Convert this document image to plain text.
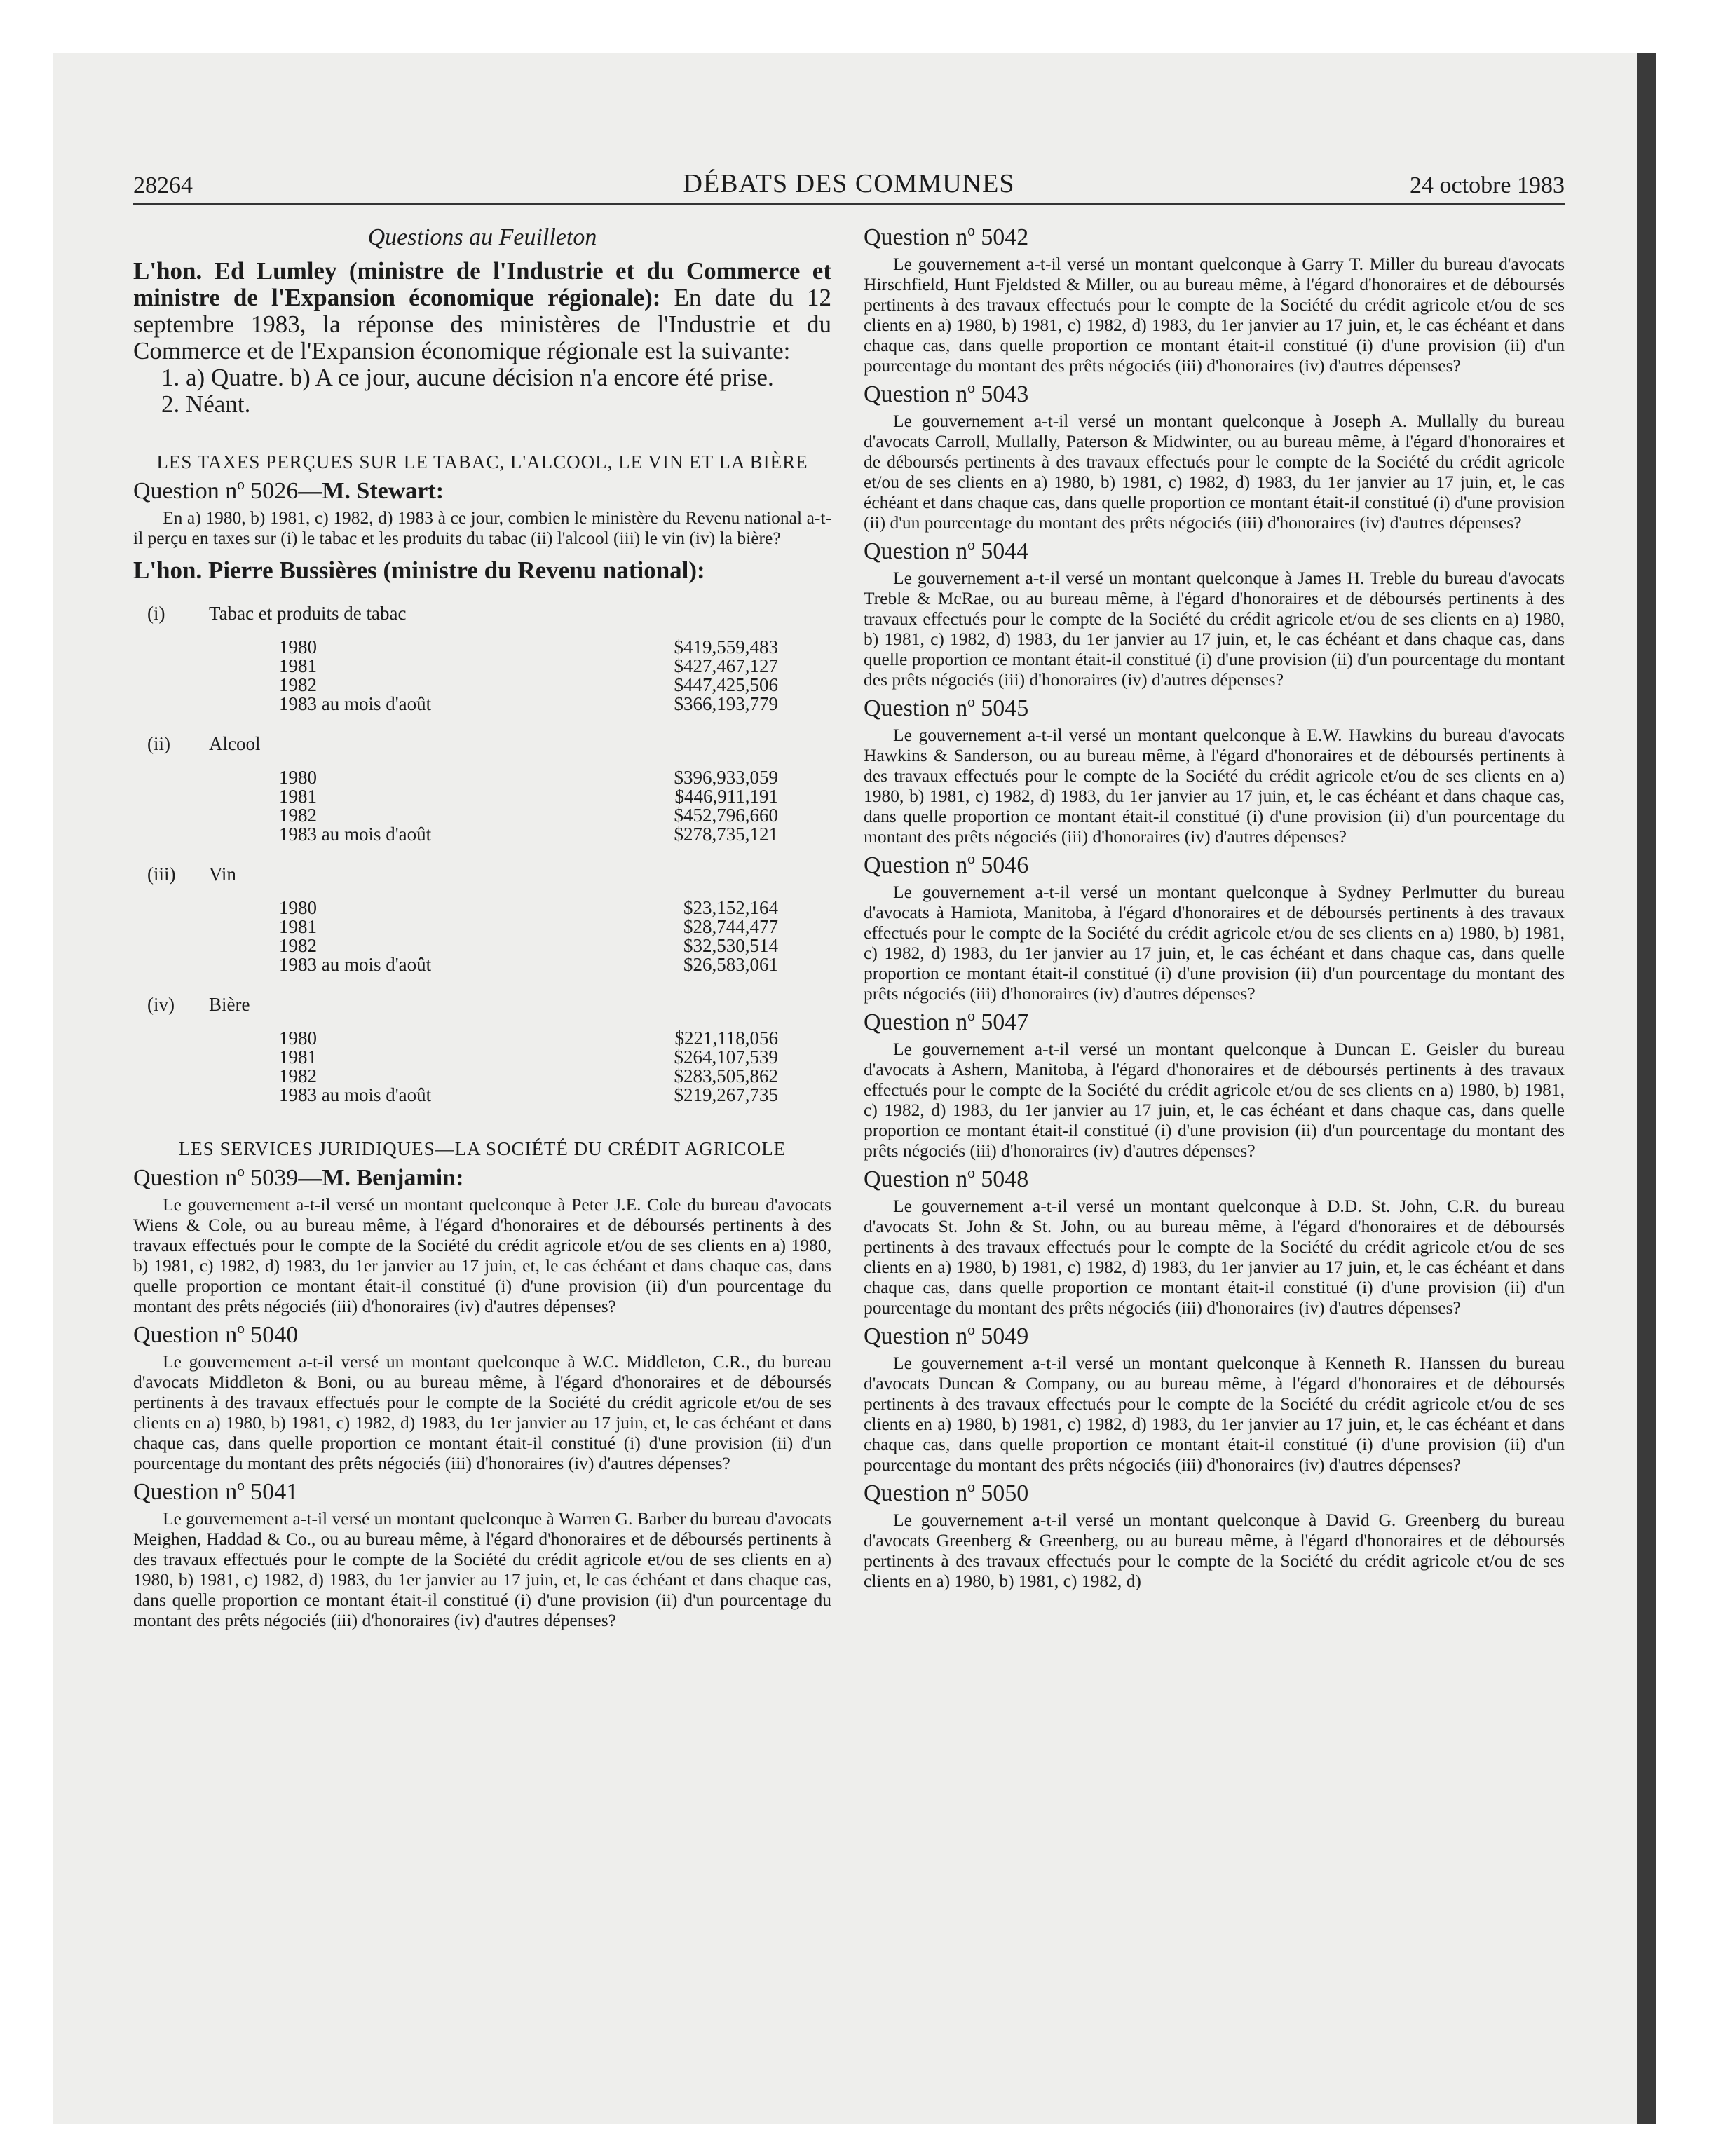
28264	DÉBATS DES COMMUNES	24 octobre 1983

Questions au Feuilleton

L'hon. Ed Lumley (ministre de l'Industrie et du Commerce et ministre de l'Expansion économique régionale): En date du 12 septembre 1983, la réponse des ministères de l'Industrie et du Commerce et de l'Expansion économique régionale est la suivante:

1. a) Quatre. b) A ce jour, aucune décision n'a encore été prise.

2. Néant.

LES TAXES PERÇUES SUR LE TABAC, L'ALCOOL, LE VIN ET LA BIÈRE

Question nº 5026—M. Stewart:

En a) 1980, b) 1981, c) 1982, d) 1983 à ce jour, combien le ministère du Revenu national a-t-il perçu en taxes sur (i) le tabac et les produits du tabac (ii) l'alcool (iii) le vin (iv) la bière?

L'hon. Pierre Bussières (ministre du Revenu national):

(i)	Tabac et produits de tabac
1980	$419,559,483
1981	$427,467,127
1982	$447,425,506
1983 au mois d'août	$366,193,779
(ii)	Alcool
1980	$396,933,059
1981	$446,911,191
1982	$452,796,660
1983 au mois d'août	$278,735,121
(iii)	Vin
1980	$23,152,164
1981	$28,744,477
1982	$32,530,514
1983 au mois d'août	$26,583,061
(iv)	Bière
1980	$221,118,056
1981	$264,107,539
1982	$283,505,862
1983 au mois d'août	$219,267,735

LES SERVICES JURIDIQUES—LA SOCIÉTÉ DU CRÉDIT AGRICOLE

Question nº 5039—M. Benjamin:

Le gouvernement a-t-il versé un montant quelconque à Peter J.E. Cole du bureau d'avocats Wiens & Cole, ou au bureau même, à l'égard d'honoraires et de déboursés pertinents à des travaux effectués pour le compte de la Société du crédit agricole et/ou de ses clients en a) 1980, b) 1981, c) 1982, d) 1983, du 1er janvier au 17 juin, et, le cas échéant et dans chaque cas, dans quelle proportion ce montant était-il constitué (i) d'une provision (ii) d'un pourcentage du montant des prêts négociés (iii) d'honoraires (iv) d'autres dépenses?

Question nº 5040

Le gouvernement a-t-il versé un montant quelconque à W.C. Middleton, C.R., du bureau d'avocats Middleton & Boni, ou au bureau même, à l'égard d'honoraires et de déboursés pertinents à des travaux effectués pour le compte de la Société du crédit agricole et/ou de ses clients en a) 1980, b) 1981, c) 1982, d) 1983, du 1er janvier au 17 juin, et, le cas échéant et dans chaque cas, dans quelle proportion ce montant était-il constitué (i) d'une provision (ii) d'un pourcentage du montant des prêts négociés (iii) d'honoraires (iv) d'autres dépenses?

Question nº 5041

Le gouvernement a-t-il versé un montant quelconque à Warren G. Barber du bureau d'avocats Meighen, Haddad & Co., ou au bureau même, à l'égard d'honoraires et de déboursés pertinents à des travaux effectués pour le compte de la Société du crédit agricole et/ou de ses clients en a) 1980, b) 1981, c) 1982, d) 1983, du 1er janvier au 17 juin, et, le cas échéant et dans chaque cas, dans quelle proportion ce montant était-il constitué (i) d'une provision (ii) d'un pourcentage du montant des prêts négociés (iii) d'honoraires (iv) d'autres dépenses?

Question nº 5042

Le gouvernement a-t-il versé un montant quelconque à Garry T. Miller du bureau d'avocats Hirschfield, Hunt Fjeldsted & Miller, ou au bureau même, à l'égard d'honoraires et de déboursés pertinents à des travaux effectués pour le compte de la Société du crédit agricole et/ou de ses clients en a) 1980, b) 1981, c) 1982, d) 1983, du 1er janvier au 17 juin, et, le cas échéant et dans chaque cas, dans quelle proportion ce montant était-il constitué (i) d'une provision (ii) d'un pourcentage du montant des prêts négociés (iii) d'honoraires (iv) d'autres dépenses?

Question nº 5043

Le gouvernement a-t-il versé un montant quelconque à Joseph A. Mullally du bureau d'avocats Carroll, Mullally, Paterson & Midwinter, ou au bureau même, à l'égard d'honoraires et de déboursés pertinents à des travaux effectués pour le compte de la Société du crédit agricole et/ou de ses clients en a) 1980, b) 1981, c) 1982, d) 1983, du 1er janvier au 17 juin, et, le cas échéant et dans chaque cas, dans quelle proportion ce montant était-il constitué (i) d'une provision (ii) d'un pourcentage du montant des prêts négociés (iii) d'honoraires (iv) d'autres dépenses?

Question nº 5044

Le gouvernement a-t-il versé un montant quelconque à James H. Treble du bureau d'avocats Treble & McRae, ou au bureau même, à l'égard d'honoraires et de déboursés pertinents à des travaux effectués pour le compte de la Société du crédit agricole et/ou de ses clients en a) 1980, b) 1981, c) 1982, d) 1983, du 1er janvier au 17 juin, et, le cas échéant et dans chaque cas, dans quelle proportion ce montant était-il constitué (i) d'une provision (ii) d'un pourcentage du montant des prêts négociés (iii) d'honoraires (iv) d'autres dépenses?

Question nº 5045

Le gouvernement a-t-il versé un montant quelconque à E.W. Hawkins du bureau d'avocats Hawkins & Sanderson, ou au bureau même, à l'égard d'honoraires et de déboursés pertinents à des travaux effectués pour le compte de la Société du crédit agricole et/ou de ses clients en a) 1980, b) 1981, c) 1982, d) 1983, du 1er janvier au 17 juin, et, le cas échéant et dans chaque cas, dans quelle proportion ce montant était-il constitué (i) d'une provision (ii) d'un pourcentage du montant des prêts négociés (iii) d'honoraires (iv) d'autres dépenses?

Question nº 5046

Le gouvernement a-t-il versé un montant quelconque à Sydney Perlmutter du bureau d'avocats à Hamiota, Manitoba, à l'égard d'honoraires et de déboursés pertinents à des travaux effectués pour le compte de la Société du crédit agricole et/ou de ses clients en a) 1980, b) 1981, c) 1982, d) 1983, du 1er janvier au 17 juin, et, le cas échéant et dans chaque cas, dans quelle proportion ce montant était-il constitué (i) d'une provision (ii) d'un pourcentage du montant des prêts négociés (iii) d'honoraires (iv) d'autres dépenses?

Question nº 5047

Le gouvernement a-t-il versé un montant quelconque à Duncan E. Geisler du bureau d'avocats à Ashern, Manitoba, à l'égard d'honoraires et de déboursés pertinents à des travaux effectués pour le compte de la Société du crédit agricole et/ou de ses clients en a) 1980, b) 1981, c) 1982, d) 1983, du 1er janvier au 17 juin, et, le cas échéant et dans chaque cas, dans quelle proportion ce montant était-il constitué (i) d'une provision (ii) d'un pourcentage du montant des prêts négociés (iii) d'honoraires (iv) d'autres dépenses?

Question nº 5048

Le gouvernement a-t-il versé un montant quelconque à D.D. St. John, C.R. du bureau d'avocats St. John & St. John, ou au bureau même, à l'égard d'honoraires et de déboursés pertinents à des travaux effectués pour le compte de la Société du crédit agricole et/ou de ses clients en a) 1980, b) 1981, c) 1982, d) 1983, du 1er janvier au 17 juin, et, le cas échéant et dans chaque cas, dans quelle proportion ce montant était-il constitué (i) d'une provision (ii) d'un pourcentage du montant des prêts négociés (iii) d'honoraires (iv) d'autres dépenses?

Question nº 5049

Le gouvernement a-t-il versé un montant quelconque à Kenneth R. Hanssen du bureau d'avocats Duncan & Company, ou au bureau même, à l'égard d'honoraires et de déboursés pertinents à des travaux effectués pour le compte de la Société du crédit agricole et/ou de ses clients en a) 1980, b) 1981, c) 1982, d) 1983, du 1er janvier au 17 juin, et, le cas échéant et dans chaque cas, dans quelle proportion ce montant était-il constitué (i) d'une provision (ii) d'un pourcentage du montant des prêts négociés (iii) d'honoraires (iv) d'autres dépenses?

Question nº 5050

Le gouvernement a-t-il versé un montant quelconque à David G. Greenberg du bureau d'avocats Greenberg & Greenberg, ou au bureau même, à l'égard d'honoraires et de déboursés pertinents à des travaux effectués pour le compte de la Société du crédit agricole et/ou de ses clients en a) 1980, b) 1981, c) 1982, d)
